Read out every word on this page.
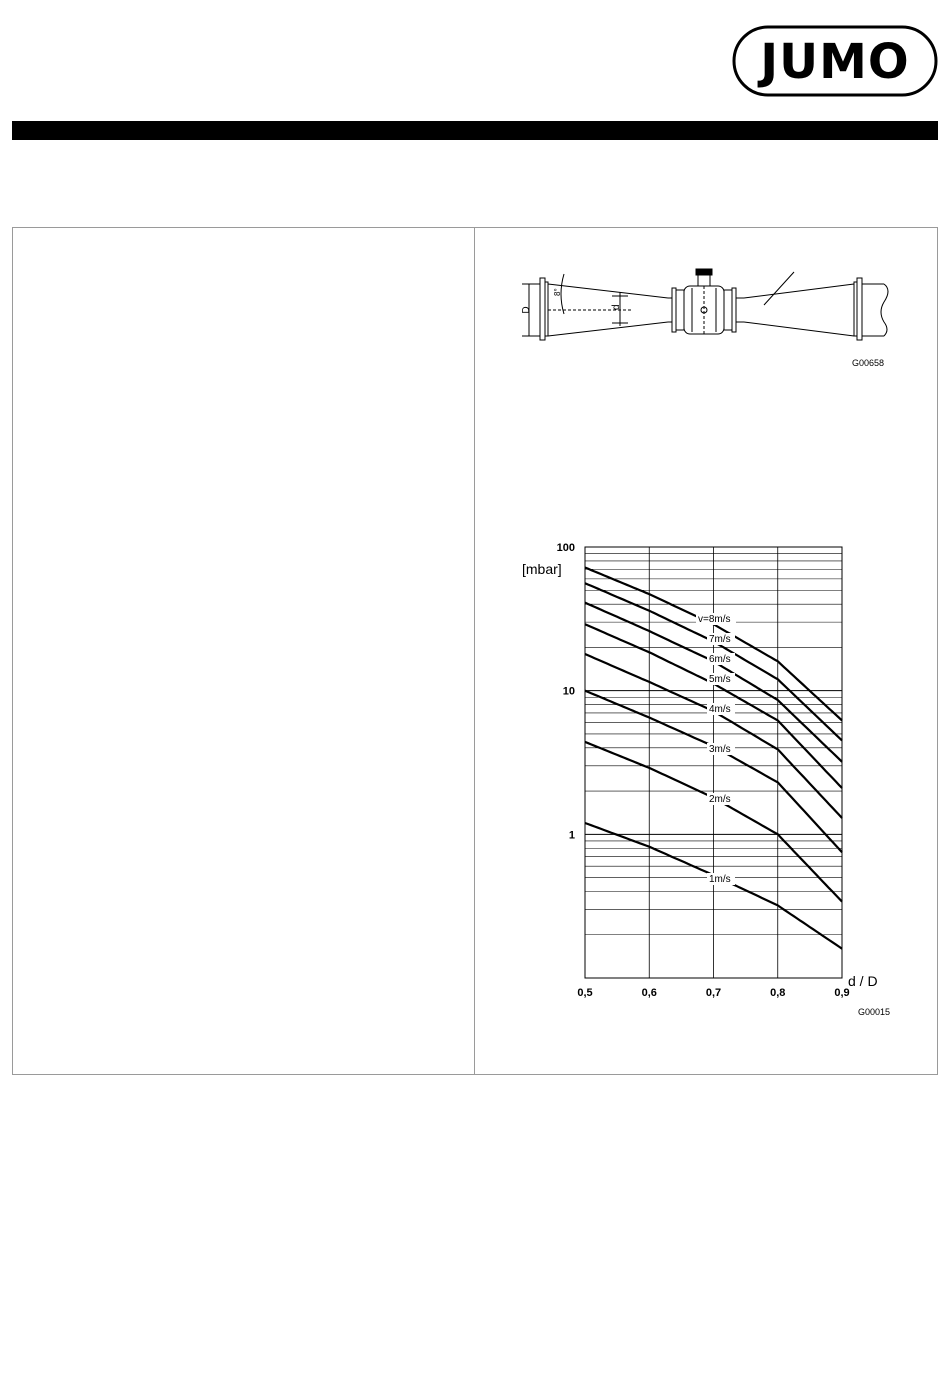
JUMO
D
8°
d
G00658
0,5	0,6	0,7	0,8	0,9
1
10
100
v=8m/s
7m/s
6m/s
5m/s
4m/s
3m/s
2m/s
1m/s
[mbar]
d / D
G00015
